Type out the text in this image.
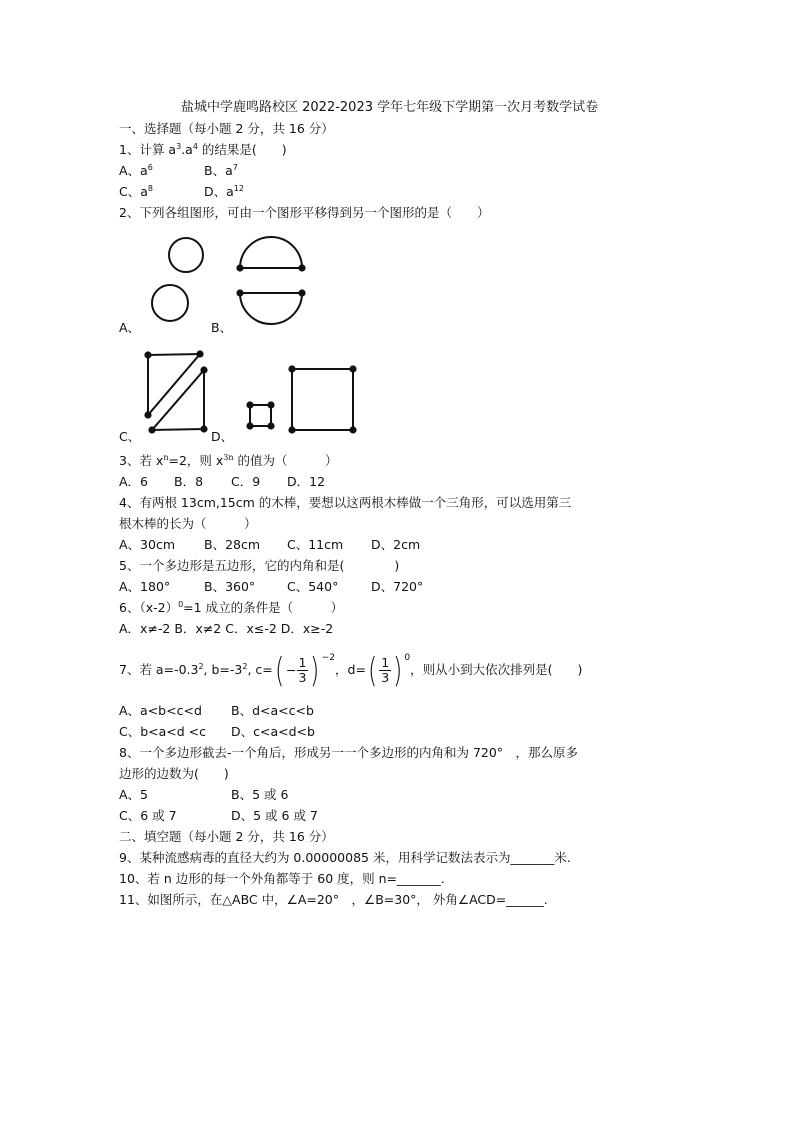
盐城中学鹿鸣路校区 2022-2023 学年七年级下学期第一次月考数学试卷
一、选择题（每小题 2 分，共 16 分）
1、计算 $a^3.a^4$ 的结果是(　　)
A、$a^6$	B、$a^7$
C、$a^8$	D、$a^{12}$
2、下列各组图形，可由一个图形平移得到另一个图形的是（　　）
A、	B、
C、	D、
3、若 $x^n=2$，则 $x^{3n}$ 的值为（　　　）
A．6 B．8 C．9 D．12
4、有两根 13cm,15cm 的木棒，要想以这两根木棒做一个三角形，可以选用第三
根木棒的长为（　　　）
A、30cm B、28cm C、11cm D、2cm
5、一个多边形是五边形，它的内角和是(　　　　)
A、180°	B、360°	C、540°	D、720°
6、$(x-2)^0=1$ 成立的条件是（　　　）
A．x≠-2 B．x≠2 C．x≤-2 D．x≥-2
7、若 $a=-0.3^2$, $b=-3^2$, $c=( - \frac{1}{3}$ ) $^{-2}$，$d=( \frac{1}{3}$ ) $^0$，则从小到大依次排列是(　　)
A、a<b<c<d B、d<a<c<b
C、b<a<d <c D、c<a<d<b
8、一个多边形截去-一个角后，形成另一一个多边形的内角和为 720°　，那么原多
边形的边数为(　　)
A、5	B、5 或 6
C、6 或 7	D、5 或 6 或 7
二、填空题（每小题 2 分，共 16 分）
9、某种流感病毒的直径大约为 0.00000085 米，用科学记数法表示为_______米.
10、若 n 边形的每一个外角都等于 60 度，则 n=_______.
11、如图所示，在△ABC 中，∠A=20°　，∠B=30°， 外角∠ACD=______.
